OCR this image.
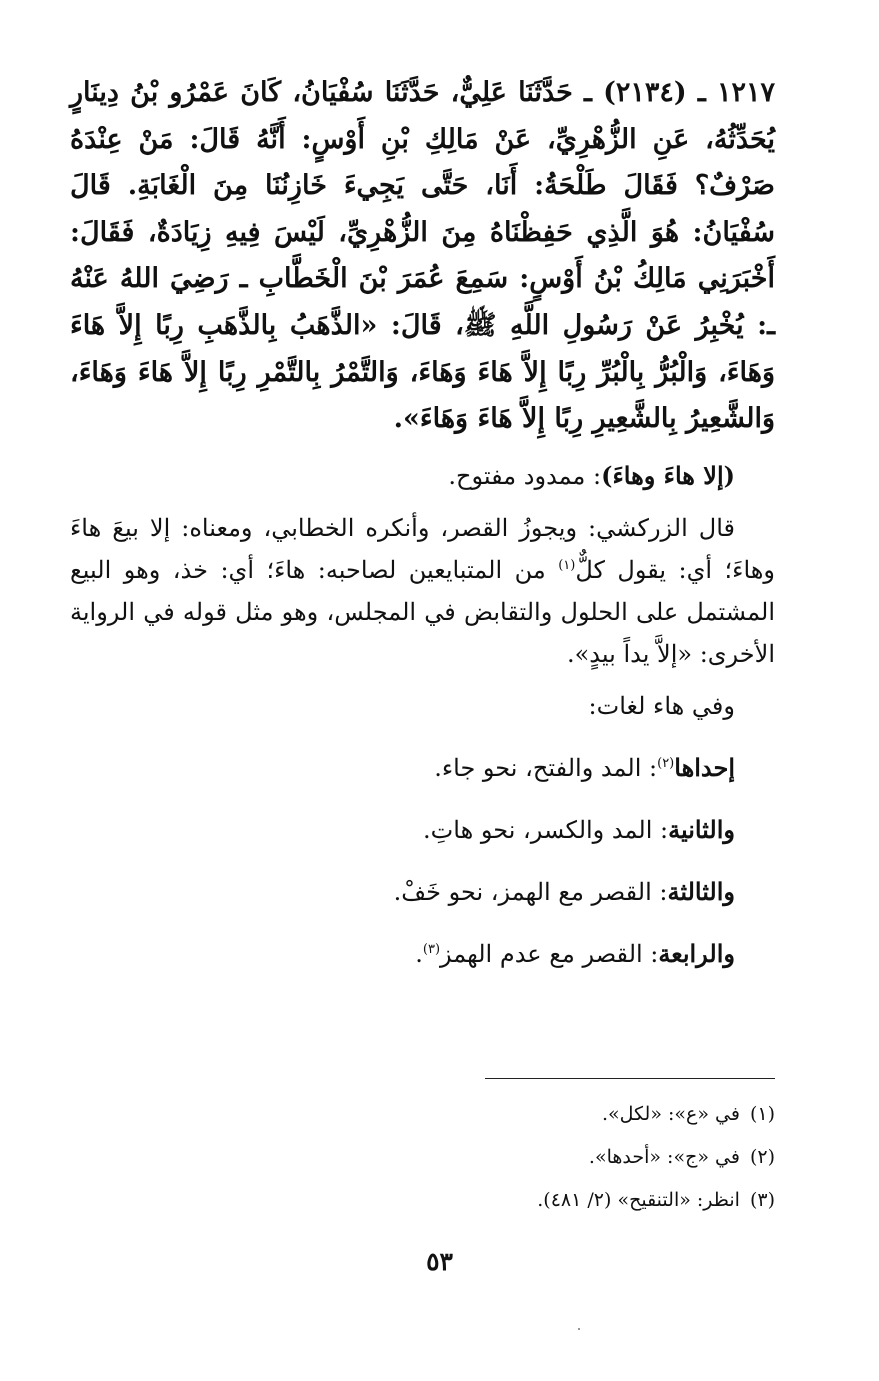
١٢١٧ ـ (٢١٣٤) ـ حَدَّثَنَا عَلِيٌّ، حَدَّثَنَا سُفْيَانُ، كَانَ عَمْرُو بْنُ دِينَارٍ يُحَدِّثُهُ، عَنِ الزُّهْرِيِّ، عَنْ مَالِكِ بْنِ أَوْسٍ: أَنَّهُ قَالَ: مَنْ عِنْدَهُ صَرْفٌ؟ فَقَالَ طَلْحَةُ: أَنَا، حَتَّى يَجِيءَ خَازِنُنَا مِنَ الْغَابَةِ. قَالَ سُفْيَانُ: هُوَ الَّذِي حَفِظْنَاهُ مِنَ الزُّهْرِيِّ، لَيْسَ فِيهِ زِيَادَةٌ، فَقَالَ: أَخْبَرَنِي مَالِكُ بْنُ أَوْسٍ: سَمِعَ عُمَرَ بْنَ الْخَطَّابِ ـ رَضِيَ اللهُ عَنْهُ ـ: يُخْبِرُ عَنْ رَسُولِ اللَّهِ ﷺ، قَالَ: «الذَّهَبُ بِالذَّهَبِ رِبًا إِلاَّ هَاءَ وَهَاءَ، وَالْبُرُّ بِالْبُرِّ رِبًا إِلاَّ هَاءَ وَهَاءَ، وَالتَّمْرُ بِالتَّمْرِ رِبًا إِلاَّ هَاءَ وَهَاءَ، وَالشَّعِيرُ بِالشَّعِيرِ رِبًا إِلاَّ هَاءَ وَهَاءَ».

(إلا هاءَ وهاءَ): ممدود مفتوح.

قال الزركشي: ويجوزُ القصر، وأنكره الخطابي، ومعناه: إلا بيعَ هاءَ وهاءَ؛ أي: يقول كلٌّ$^{(١)}$ من المتبايعين لصاحبه: هاءَ؛ أي: خذ، وهو البيع المشتمل على الحلول والتقابض في المجلس، وهو مثل قوله في الرواية الأخرى: «إلاَّ يداً بيدٍ».

وفي هاء لغات:

إحداها$^{(٢)}$: المد والفتح، نحو جاء.

والثانية: المد والكسر، نحو هاتِ.

والثالثة: القصر مع الهمز، نحو خَفْ.

والرابعة: القصر مع عدم الهمز$^{(٣)}$.

(١)في «ع»: «لكل».

(٢)في «ج»: «أحدها».

(٣)انظر: «التنقيح» (٢/ ٤٨١).

٥٣
